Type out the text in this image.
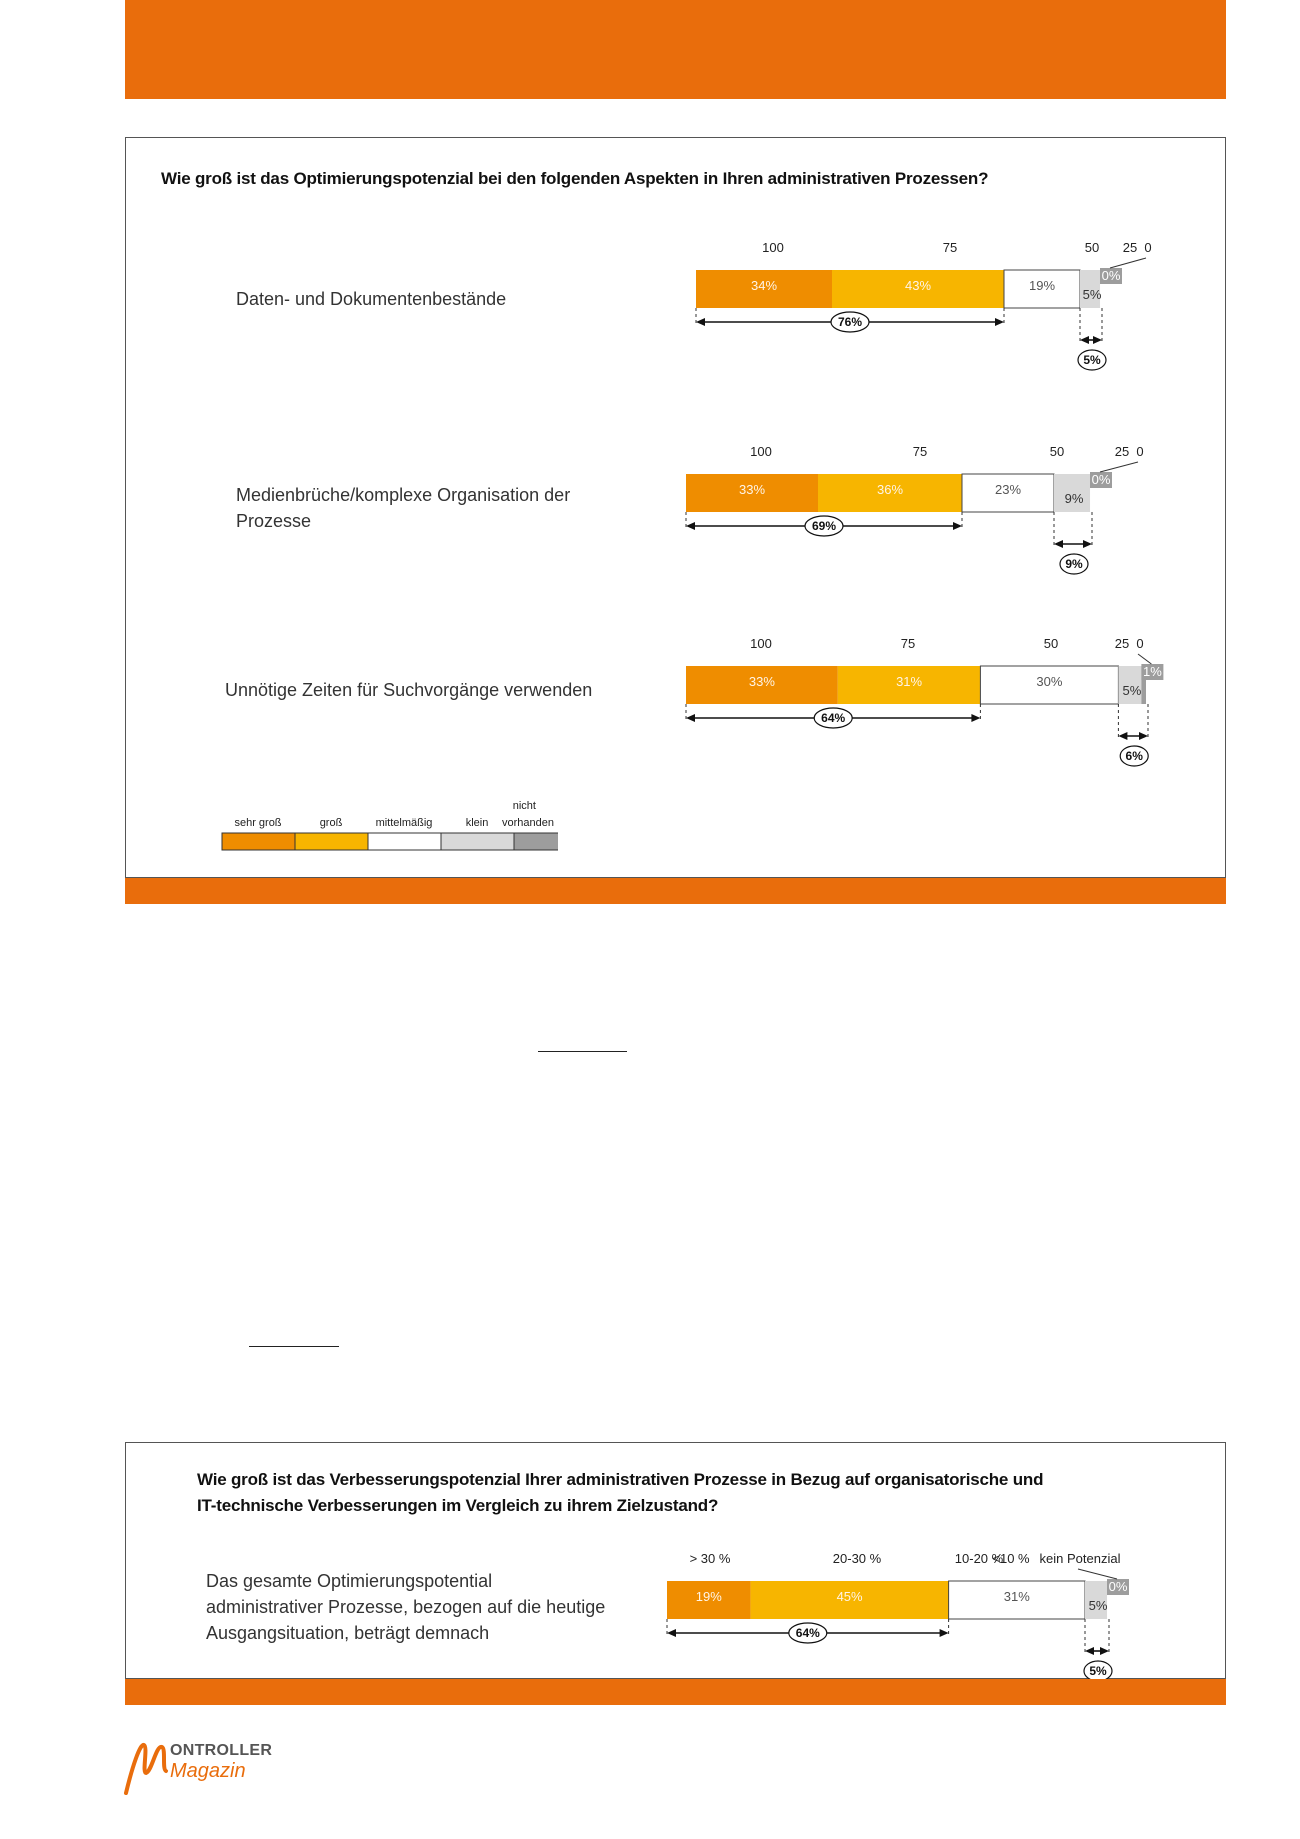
Wie groß ist das Optimierungspotenzial bei den folgenden Aspekten in Ihren administrativen Prozessen?
Daten- und Dokumentenbestände
Medienbrüche/komplexe Organisation der
Prozesse
Unnötige Zeiten für Suchvorgänge verwenden
100	75	50 25 0
34%	43%	19%
5%
0%
76%
5%
100	75	50	25 0
33%	36%	23%
9%
0%
69%
9%
100	75	50	25 0
33%	31%	30%
5%
1%
64%
6%
sehr groß	groß	mittelmäßig	klein
nicht
vorhanden
Wie groß ist das Verbesserungspotenzial Ihrer administrativen Prozesse in Bezug auf organisatorische und
IT-technische Verbesserungen im Vergleich zu ihrem Zielzustand?
Das gesamte Optimierungspotential
administrativer Prozesse, bezogen auf die heutige
Ausgangsituation, beträgt demnach
> 30 %	20-30 %	10-20 %
<10 % kein Potenzial
19%	45%	31%
5%
0%
64%
5%
ONTROLLER
Magazin
